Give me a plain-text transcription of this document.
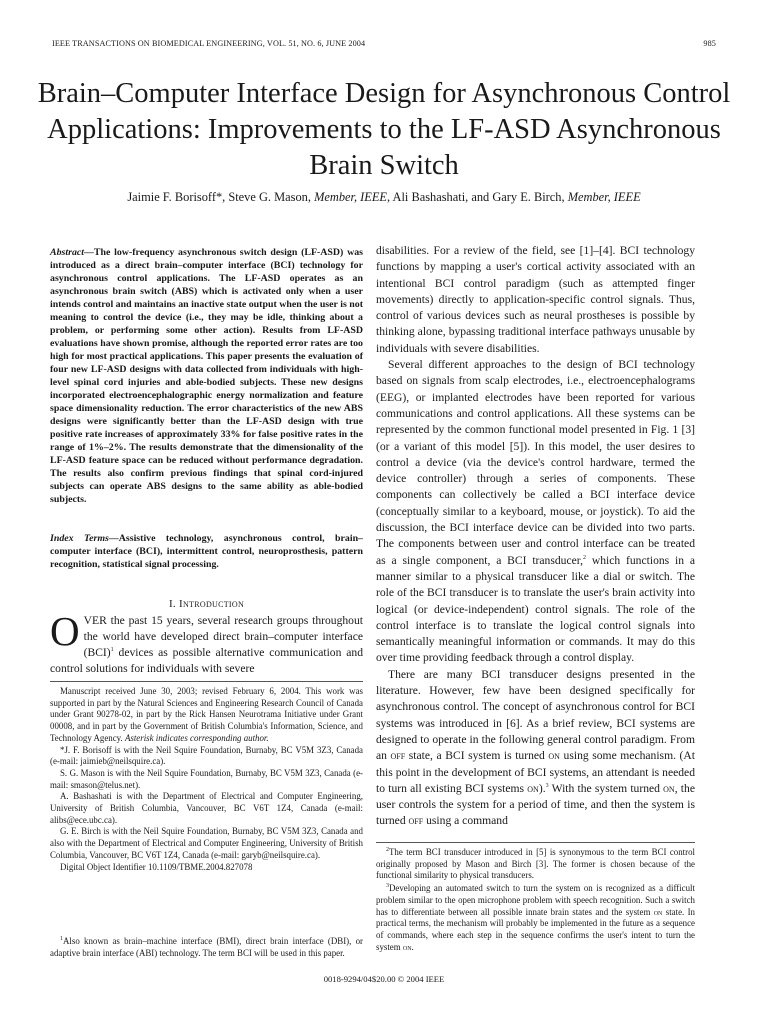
IEEE TRANSACTIONS ON BIOMEDICAL ENGINEERING, VOL. 51, NO. 6, JUNE 2004	985
Brain–Computer Interface Design for Asynchronous Control Applications: Improvements to the LF-ASD Asynchronous Brain Switch
Jaimie F. Borisoff*, Steve G. Mason, Member, IEEE, Ali Bashashati, and Gary E. Birch, Member, IEEE
Abstract—The low-frequency asynchronous switch design (LF-ASD) was introduced as a direct brain–computer interface (BCI) technology for asynchronous control applications. The LF-ASD operates as an asynchronous brain switch (ABS) which is activated only when a user intends control and maintains an inactive state output when the user is not meaning to control the device (i.e., they may be idle, thinking about a problem, or performing some other action). Results from LF-ASD evaluations have shown promise, although the reported error rates are too high for most practical applications. This paper presents the evaluation of four new LF-ASD designs with data collected from individuals with high-level spinal cord injuries and able-bodied subjects. These new designs incorporated electroencephalographic energy normalization and feature space dimensionality reduction. The error characteristics of the new ABS designs were significantly better than the LF-ASD design with true positive rate increases of approximately 33% for false positive rates in the range of 1%–2%. The results demonstrate that the dimensionality of the LF-ASD feature space can be reduced without performance degradation. The results also confirm previous findings that spinal cord-injured subjects can operate ABS designs to the same ability as able-bodied subjects.
Index Terms—Assistive technology, asynchronous control, brain–computer interface (BCI), intermittent control, neuroprosthesis, pattern recognition, statistical signal processing.
I. Introduction
OVER the past 15 years, several research groups throughout the world have developed direct brain–computer interface (BCI)$^1$ devices as possible alternative communication and control solutions for individuals with severe

Manuscript received June 30, 2003; revised February 6, 2004. This work was supported in part by the Natural Sciences and Engineering Research Council of Canada under Grant 90278-02, in part by the Rick Hansen Neurotrama Initiative under Grant 00008, and in part by the Government of British Columbia's Information, Science, and Technology Agency. Asterisk indicates corresponding author.

*J. F. Borisoff is with the Neil Squire Foundation, Burnaby, BC V5M 3Z3, Canada (e-mail: jaimieb@neilsquire.ca).

S. G. Mason is with the Neil Squire Foundation, Burnaby, BC V5M 3Z3, Canada (e-mail: smason@telus.net).

A. Bashashati is with the Department of Electrical and Computer Engineering, University of British Columbia, Vancouver, BC V6T 1Z4, Canada (e-mail: alibs@ece.ubc.ca).

G. E. Birch is with the Neil Squire Foundation, Burnaby, BC V5M 3Z3, Canada and also with the Department of Electrical and Computer Engineering, University of British Columbia, Vancouver, BC V6T 1Z4, Canada (e-mail: garyb@neilsquire.ca).

Digital Object Identifier 10.1109/TBME.2004.827078

$^1$Also known as brain–machine interface (BMI), direct brain interface (DBI), or adaptive brain interface (ABI) technology. The term BCI will be used in this paper.

disabilities. For a review of the field, see [1]–[4]. BCI technology functions by mapping a user's cortical activity associated with an intentional BCI control paradigm (such as attempted finger movements) directly to application-specific control signals. Thus, control of various devices such as neural prostheses is possible by thinking alone, bypassing traditional interface pathways unusable by individuals with severe disabilities.

Several different approaches to the design of BCI technology based on signals from scalp electrodes, i.e., electroencephalograms (EEG), or implanted electrodes have been reported for various communications and control applications. All these systems can be represented by the common functional model presented in Fig. 1 [3] (or a variant of this model [5]). In this model, the user desires to control a device (via the device's control hardware, termed the device controller) through a series of components. These components can collectively be called a BCI interface device (conceptually similar to a keyboard, mouse, or joystick). To aid the discussion, the BCI interface device can be divided into two parts. The components between user and control interface can be treated as a single component, a BCI transducer,$^2$ which functions in a manner similar to a physical transducer like a dial or switch. The role of the BCI transducer is to translate the user's brain activity into logical (or device-independent) control signals. The role of the control interface is to translate the logical control signals into semantically meaningful information or commands. It may do this over time providing feedback through a control display.

There are many BCI transducer designs presented in the literature. However, few have been designed specifically for asynchronous control. The concept of asynchronous control for BCI systems was introduced in [6]. As a brief review, BCI systems are designed to operate in the following general control paradigm. From an off state, a BCI system is turned on using some mechanism. (At this point in the development of BCI systems, an attendant is needed to turn all existing BCI systems on).$^3$ With the system turned on, the user controls the system for a period of time, and then the system is turned off using a command

$^2$The term BCI transducer introduced in [5] is synonymous to the term BCI control originally proposed by Mason and Birch [3]. The former is chosen because of the functional similarity to physical transducers.

$^3$Developing an automated switch to turn the system on is recognized as a difficult problem similar to the open microphone problem with speech recognition. Such a switch has to differentiate between all possible innate brain states and the system on state. In practical terms, the mechanism will probably be implemented in the future as a sequence of commands, where each step in the sequence confirms the user's intent to turn the system on.

0018-9294/04$20.00 © 2004 IEEE
